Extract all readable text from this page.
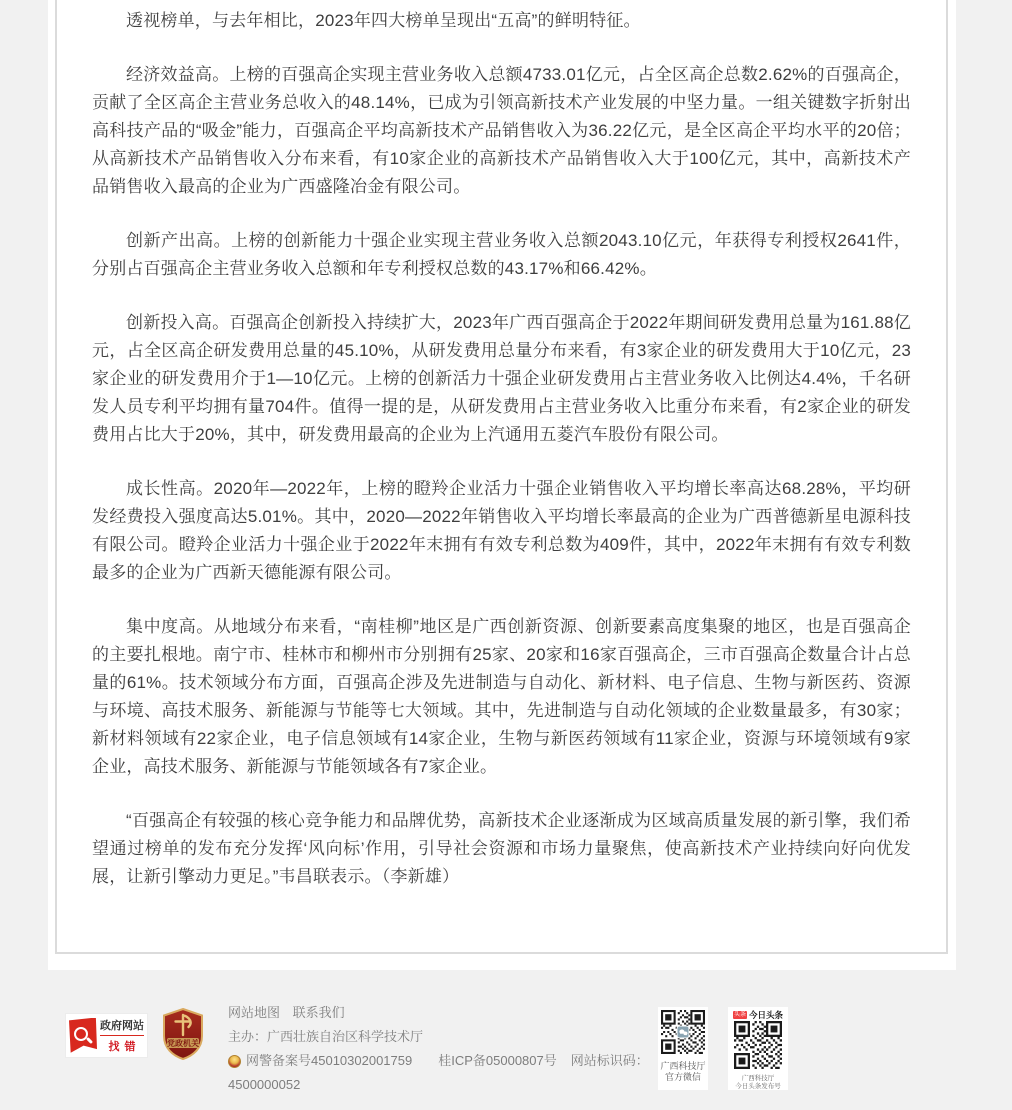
透视榜单，与去年相比，2023年四大榜单呈现出“五高”的鲜明特征。

经济效益高。上榜的百强高企实现主营业务收入总额4733.01亿元，占全区高企总数2.62%的百强高企，贡献了全区高企主营业务总收入的48.14%，已成为引领高新技术产业发展的中坚力量。一组关键数字折射出高科技产品的“吸金”能力，百强高企平均高新技术产品销售收入为36.22亿元，是全区高企平均水平的20倍；从高新技术产品销售收入分布来看，有10家企业的高新技术产品销售收入大于100亿元，其中，高新技术产品销售收入最高的企业为广西盛隆冶金有限公司。

创新产出高。上榜的创新能力十强企业实现主营业务收入总额2043.10亿元，年获得专利授权2641件，分别占百强高企主营业务收入总额和年专利授权总数的43.17%和66.42%。

创新投入高。百强高企创新投入持续扩大，2023年广西百强高企于2022年期间研发费用总量为161.88亿元，占全区高企研发费用总量的45.10%，从研发费用总量分布来看，有3家企业的研发费用大于10亿元，23家企业的研发费用介于1—10亿元。上榜的创新活力十强企业研发费用占主营业务收入比例达4.4%，千名研发人员专利平均拥有量704件。值得一提的是，从研发费用占主营业务收入比重分布来看，有2家企业的研发费用占比大于20%，其中，研发费用最高的企业为上汽通用五菱汽车股份有限公司。

成长性高。2020年—2022年，上榜的瞪羚企业活力十强企业销售收入平均增长率高达68.28%，平均研发经费投入强度高达5.01%。其中，2020—2022年销售收入平均增长率最高的企业为广西普德新星电源科技有限公司。瞪羚企业活力十强企业于2022年末拥有有效专利总数为409件，其中，2022年末拥有有效专利数最多的企业为广西新天德能源有限公司。

集中度高。从地域分布来看，“南桂柳”地区是广西创新资源、创新要素高度集聚的地区，也是百强高企的主要扎根地。南宁市、桂林市和柳州市分别拥有25家、20家和16家百强高企，三市百强高企数量合计占总量的61%。技术领域分布方面，百强高企涉及先进制造与自动化、新材料、电子信息、生物与新医药、资源与环境、高技术服务、新能源与节能等七大领域。其中，先进制造与自动化领域的企业数量最多，有30家；新材料领域有22家企业，电子信息领域有14家企业，生物与新医药领域有11家企业，资源与环境领域有9家企业，高技术服务、新能源与节能领域各有7家企业。

“百强高企有较强的核心竞争能力和品牌优势，高新技术企业逐渐成为区域高质量发展的新引擎，我们希望通过榜单的发布充分发挥‘风向标’作用，引导社会资源和市场力量聚焦，使高新技术产业持续向好向优发展，让新引擎动力更足。”韦昌联表示。（李新雄）

政府网站
找错	党政机关
网站地图 联系我们
主办：广西壮族自治区科学技术厅
网警备案号45010302001759 桂ICP备05000807号 网站标识码：
4500000052
广西科技厅
官方微信
头条 今日头条
广西科技厅
今日头条发布号
